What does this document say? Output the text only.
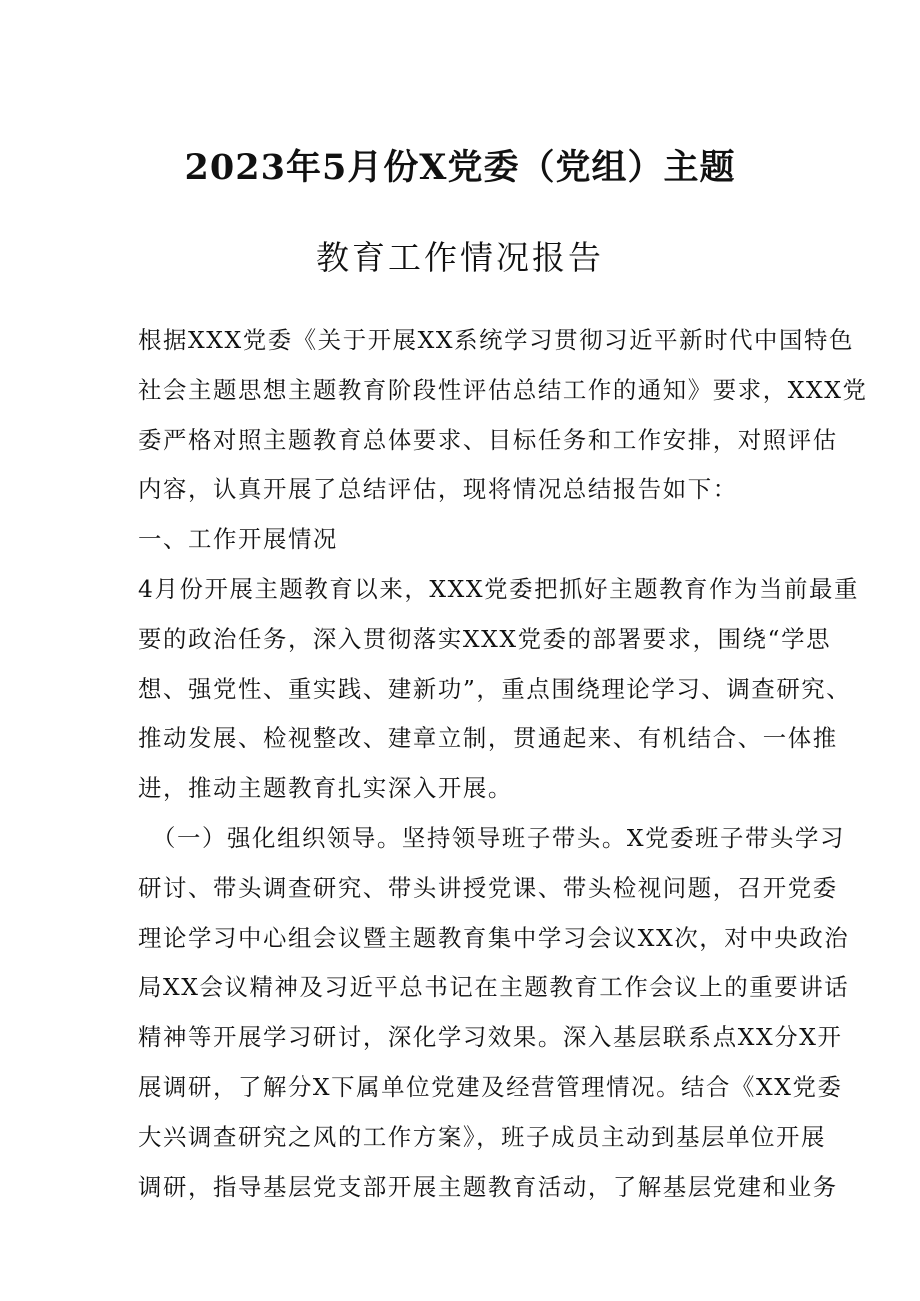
2023年5月份X党委（党组）主题
教育工作情况报告
根据XXX党委《关于开展XX系统学习贯彻习近平新时代中国特色
社会主题思想主题教育阶段性评估总结工作的通知》要求，XXX党
委严格对照主题教育总体要求、目标任务和工作安排，对照评估
内容，认真开展了总结评估，现将情况总结报告如下：
一、工作开展情况
4月份开展主题教育以来，XXX党委把抓好主题教育作为当前最重
要的政治任务，深入贯彻落实XXX党委的部署要求，围绕“学思
想、强党性、重实践、建新功”，重点围绕理论学习、调查研究、
推动发展、检视整改、建章立制，贯通起来、有机结合、一体推
进，推动主题教育扎实深入开展。
（一）强化组织领导。坚持领导班子带头。X党委班子带头学习
研讨、带头调查研究、带头讲授党课、带头检视问题，召开党委
理论学习中心组会议暨主题教育集中学习会议XX次，对中央政治
局XX会议精神及习近平总书记在主题教育工作会议上的重要讲话
精神等开展学习研讨，深化学习效果。深入基层联系点XX分X开
展调研，了解分X下属单位党建及经营管理情况。结合《XX党委
大兴调查研究之风的工作方案》，班子成员主动到基层单位开展
调研，指导基层党支部开展主题教育活动，了解基层党建和业务
